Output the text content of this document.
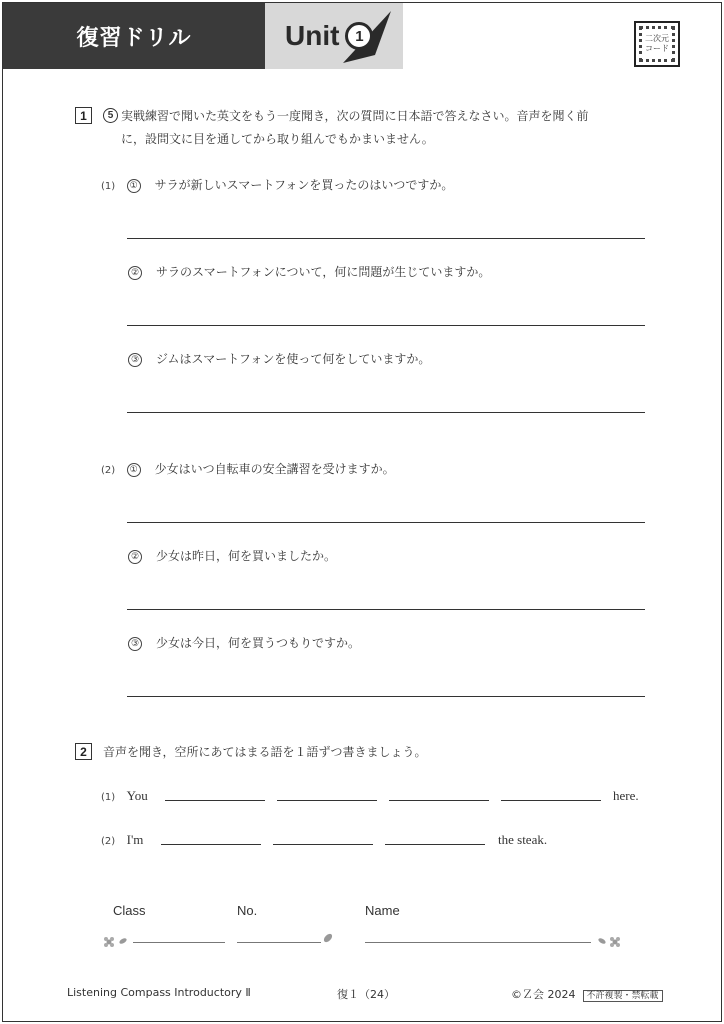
復習ドリル	Unit	1	二次元
コード
1	5 実戦練習で聞いた英文をもう一度聞き，次の質問に日本語で答えなさい。音声を聞く前
に，設問文に目を通してから取り組んでもかまいません。
(1) ① サラが新しいスマートフォンを買ったのはいつですか。
② サラのスマートフォンについて，何に問題が生じていますか。
③ ジムはスマートフォンを使って何をしていますか。
(2) ① 少女はいつ自転車の安全講習を受けますか。
② 少女は昨日，何を買いましたか。
③ 少女は今日，何を買うつもりですか。
2	音声を聞き，空所にあてはまる語を１語ずつ書きましょう。
(1) You	here.
(2) I'm	the steak.
Class	No.	Name
Listening Compass Introductory Ⅱ	復１（24）	©Ｚ会 2024 不許複製・禁転載
